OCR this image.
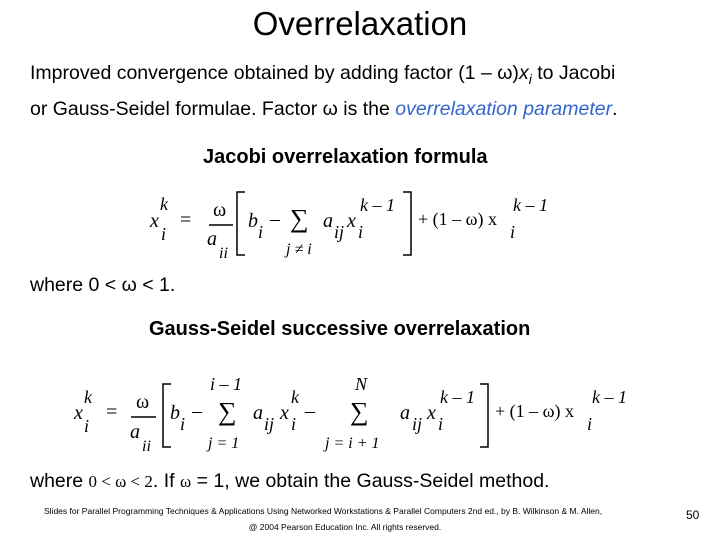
Overrelaxation
Improved convergence obtained by adding factor $(1 - \omega)x_i$ to Jacobi
or Gauss-Seidel formulae. Factor ω is the overrelaxation parameter.
Jacobi overrelaxation formula
x
i
k
= ω
a
ii
b i
– ∑
j ≠ i
a ij x i
k – 1
+ (1 – ω) x
i
k – 1
where 0 < ω < 1.
Gauss-Seidel successive overrelaxation
x
i
k
= ω
a
ii
b i
–
i – 1
∑
j = 1
a ij x i
k
–
N
∑
j = i + 1
a ij x i
k – 1
+ (1 – ω) x
i
k – 1
where 0 < ω < 2. If ω = 1, we obtain the Gauss-Seidel method.
Slides for Parallel Programming Techniques & Applications Using Networked Workstations & Parallel Computers 2nd ed., by B. Wilkinson & M. Allen,
@ 2004 Pearson Education Inc. All rights reserved.
50
